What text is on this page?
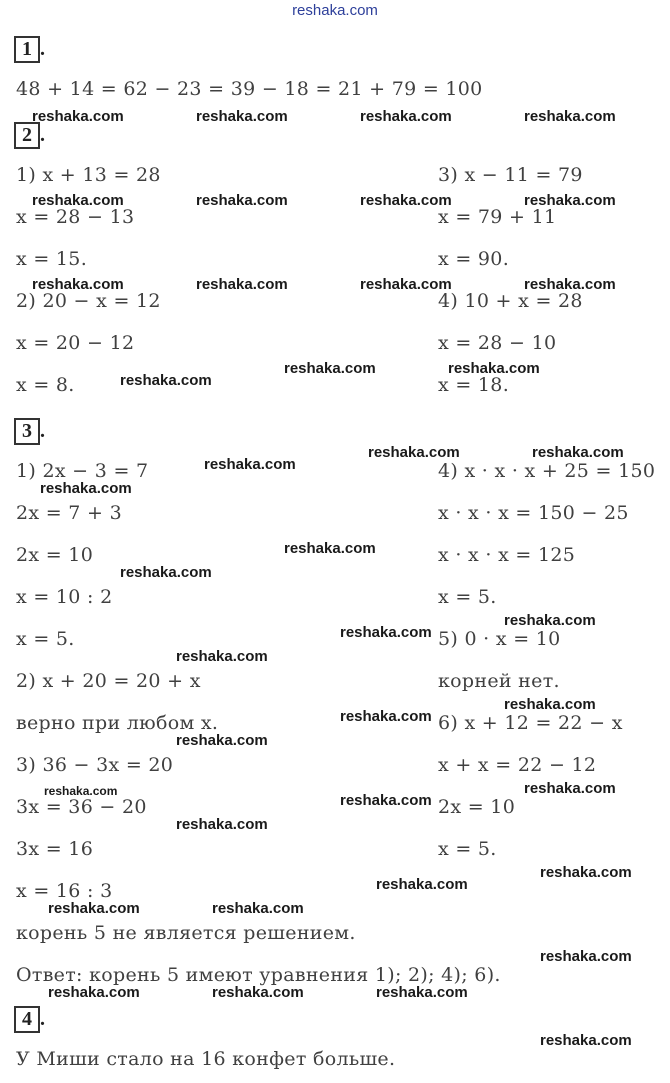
reshaka.com
1 .
48 + 14 = 62 − 23 = 39 − 18 = 21 + 79 = 100
2 .
1) x + 13 = 28
x = 28 − 13
x = 15.
2) 20 − x = 12
x = 20 − 12
x = 8.
3) x − 11 = 79
x = 79 + 11
x = 90.
4) 10 + x = 28
x = 28 − 10
x = 18.
3 .
1) 2x − 3 = 7
2x = 7 + 3
2x = 10
x = 10 : 2
x = 5.
2) x + 20 = 20 + x
верно при любом x.
3) 36 − 3x = 20
3x = 36 − 20
3x = 16
x = 16 : 3
корень 5 не является решением.
4) x · x · x + 25 = 150
x · x · x = 150 − 25
x · x · x = 125
x = 5.
5) 0 · x = 10
корней нет.
6) x + 12 = 22 − x
x + x = 22 − 12
2x = 10
x = 5.
Ответ: корень 5 имеют уравнения 1); 2); 4); 6).
4 .
У Миши стало на 16 конфет больше.
reshaka.com	reshaka.com	reshaka.com	reshaka.com
reshaka.com	reshaka.com	reshaka.com	reshaka.com
reshaka.com	reshaka.com	reshaka.com	reshaka.com
reshaka.com
reshaka.com	reshaka.com
reshaka.com	reshaka.com
reshaka.com
reshaka.com
reshaka.com
reshaka.com
reshaka.com
reshaka.com
reshaka.com
reshaka.com
reshaka.com
reshaka.com
reshaka.com	reshaka.com
reshaka.com
reshaka.com
reshaka.com
reshaka.com
reshaka.com	reshaka.com
reshaka.com
reshaka.com	reshaka.com	reshaka.com
reshaka.com
